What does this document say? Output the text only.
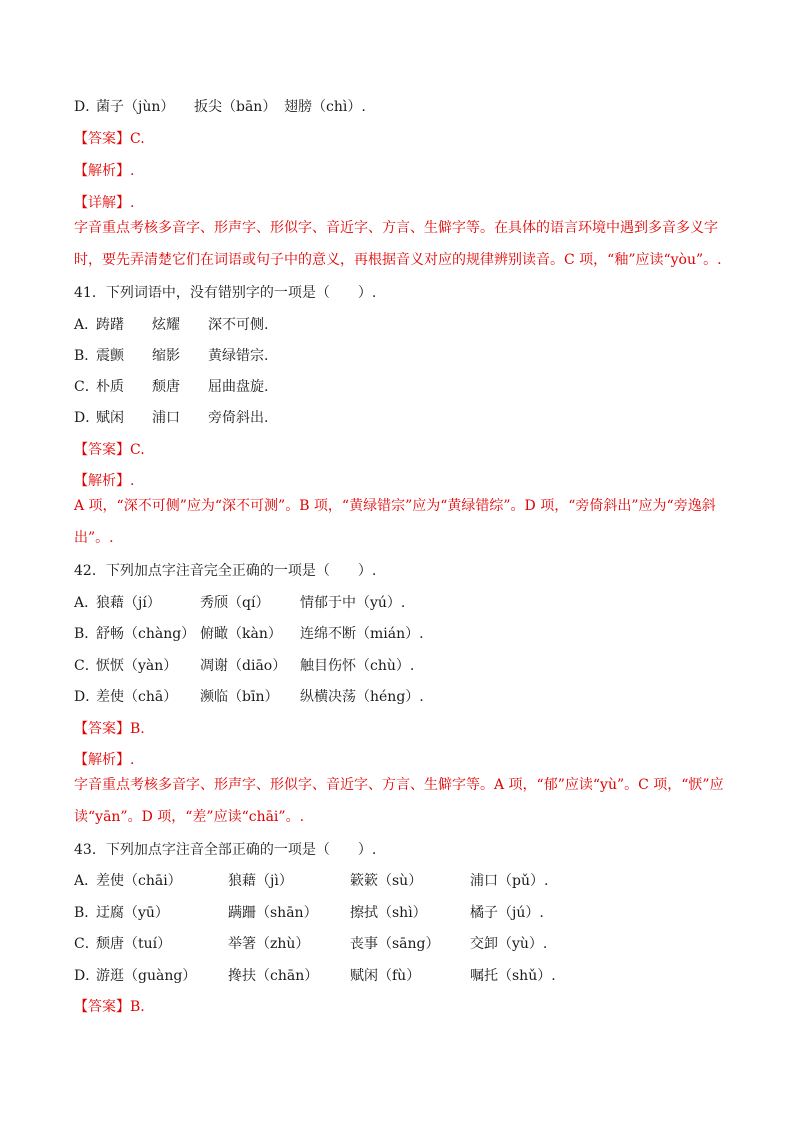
D．
菌子（jùn） 扳尖（bān） 翅膀（chì）.
【答案】C.
【解析】.
【详解】.
字音重点考核多音字、形声字、形似字、音近字、方言、生僻字等。在具体的语言环境中遇到多音多义字时，要先弄清楚它们在词语或句子中的意义，再根据音义对应的规律辨别读音。C 项，“釉”应读“yòu”。.
41．下列词语中，没有错别字的一项是（　　）.
A．
踌躇 炫耀 深不可侧.
B．
震颤 缩影 黄绿错宗.
C．
朴质 颓唐 屈曲盘旋.
D．
赋闲 浦口 旁倚斜出.
【答案】C.
【解析】.
A 项，“深不可侧”应为“深不可测”。B 项，“黄绿错宗”应为“黄绿错综”。D 项，“旁倚斜出”应为“旁逸斜出”。.
42．下列加点字注音完全正确的一项是（　　）.
A．
狼藉（jí）	秀颀（qí） 情郁于中（yú）.
B．
舒畅（chàng） 俯瞰（kàn） 连绵不断（mián）.
C．
恹恹（yàn） 凋谢（diāo） 触目伤怀（chù）.
D．
差使（chā） 濒临（bīn） 纵横决荡（héng）.
【答案】B.
【解析】.
字音重点考核多音字、形声字、形似字、音近字、方言、生僻字等。A 项，“郁”应读“yù”。C 项，“恹”应读“yān”。D 项，“差”应读“chāi”。.
43．下列加点字注音全部正确的一项是（　　）.
A．
差使（chāi）	狼藉（jì）	簌簌（sù）	浦口（pǔ）.
B．
迂腐（yū）	蹒跚（shān） 擦拭（shì）	橘子（jú）.
C．
颓唐（tuí）	举箸（zhù）	丧事（sāng） 交卸（yù）.
D．
游逛（guàng） 搀扶（chān） 赋闲（fù）	嘱托（shǔ）.
【答案】B.
